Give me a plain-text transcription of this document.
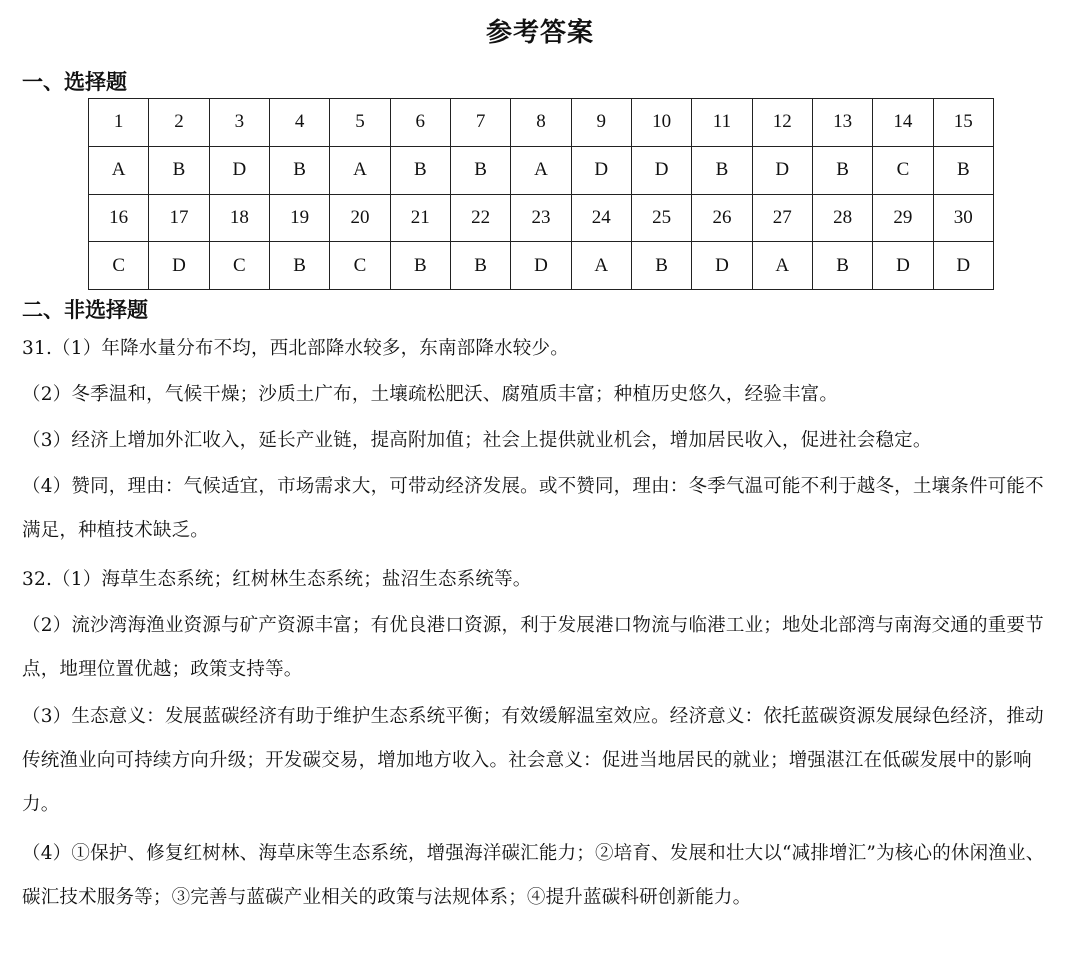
参考答案
一、选择题
1	2	3	4	5	6	7	8	9	10	11	12	13	14	15
A	B	D	B	A	B	B	A	D	D	B	D	B	C	B
16	17	18	19	20	21	22	23	24	25	26	27	28	29	30
C	D	C	B	C	B	B	D	A	B	D	A	B	D	D
二、非选择题
31.（1）年降水量分布不均，西北部降水较多，东南部降水较少。
（2）冬季温和，气候干燥；沙质土广布，土壤疏松肥沃、腐殖质丰富；种植历史悠久，经验丰富。
（3）经济上增加外汇收入，延长产业链，提高附加值；社会上提供就业机会，增加居民收入，促进社会稳定。
（4）赞同，理由：气候适宜，市场需求大，可带动经济发展。或不赞同，理由：冬季气温可能不利于越冬，土壤条件可能不满足，种植技术缺乏。
32.（1）海草生态系统；红树林生态系统；盐沼生态系统等。
（2）流沙湾海渔业资源与矿产资源丰富；有优良港口资源，利于发展港口物流与临港工业；地处北部湾与南海交通的重要节点，地理位置优越；政策支持等。
（3）生态意义：发展蓝碳经济有助于维护生态系统平衡；有效缓解温室效应。经济意义：依托蓝碳资源发展绿色经济，推动传统渔业向可持续方向升级；开发碳交易，增加地方收入。社会意义：促进当地居民的就业；增强湛江在低碳发展中的影响力。
（4）①保护、修复红树林、海草床等生态系统，增强海洋碳汇能力；②培育、发展和壮大以“减排增汇”为核心的休闲渔业、碳汇技术服务等；③完善与蓝碳产业相关的政策与法规体系；④提升蓝碳科研创新能力。
